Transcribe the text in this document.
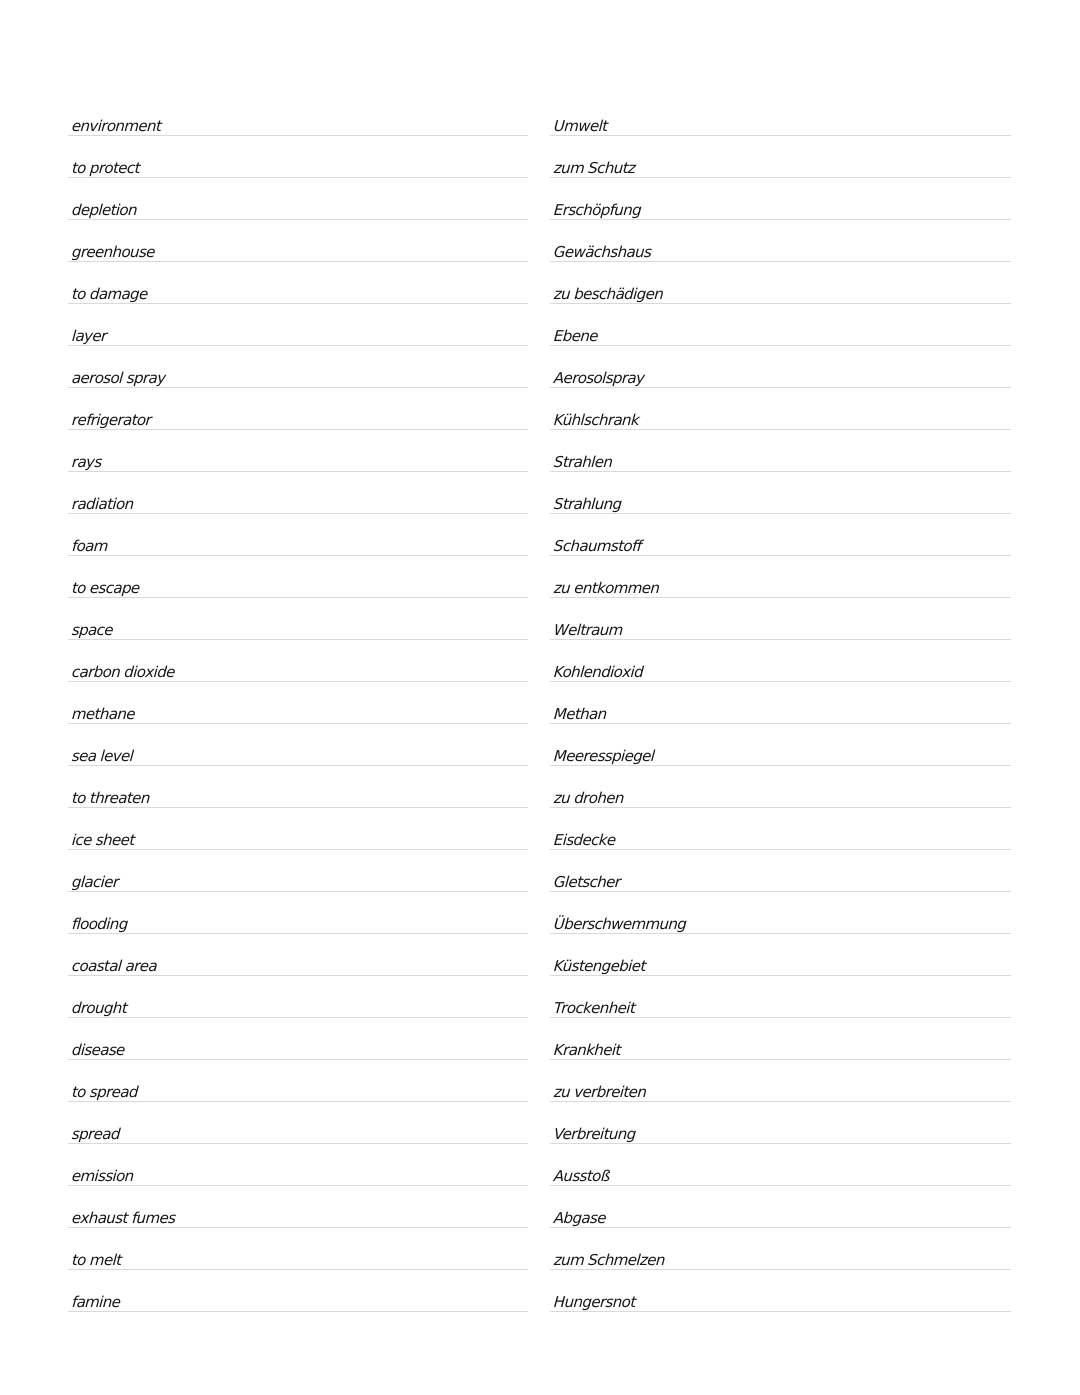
environment
to protect
depletion
greenhouse
to damage
layer
aerosol spray
refrigerator
rays
radiation
foam
to escape
space
carbon dioxide
methane
sea level
to threaten
ice sheet
glacier
flooding
coastal area
drought
disease
to spread
spread
emission
exhaust fumes
to melt
famine
Umwelt
zum Schutz
Erschöpfung
Gewächshaus
zu beschädigen
Ebene
Aerosolspray
Kühlschrank
Strahlen
Strahlung
Schaumstoff
zu entkommen
Weltraum
Kohlendioxid
Methan
Meeresspiegel
zu drohen
Eisdecke
Gletscher
Überschwemmung
Küstengebiet
Trockenheit
Krankheit
zu verbreiten
Verbreitung
Ausstoß
Abgase
zum Schmelzen
Hungersnot
